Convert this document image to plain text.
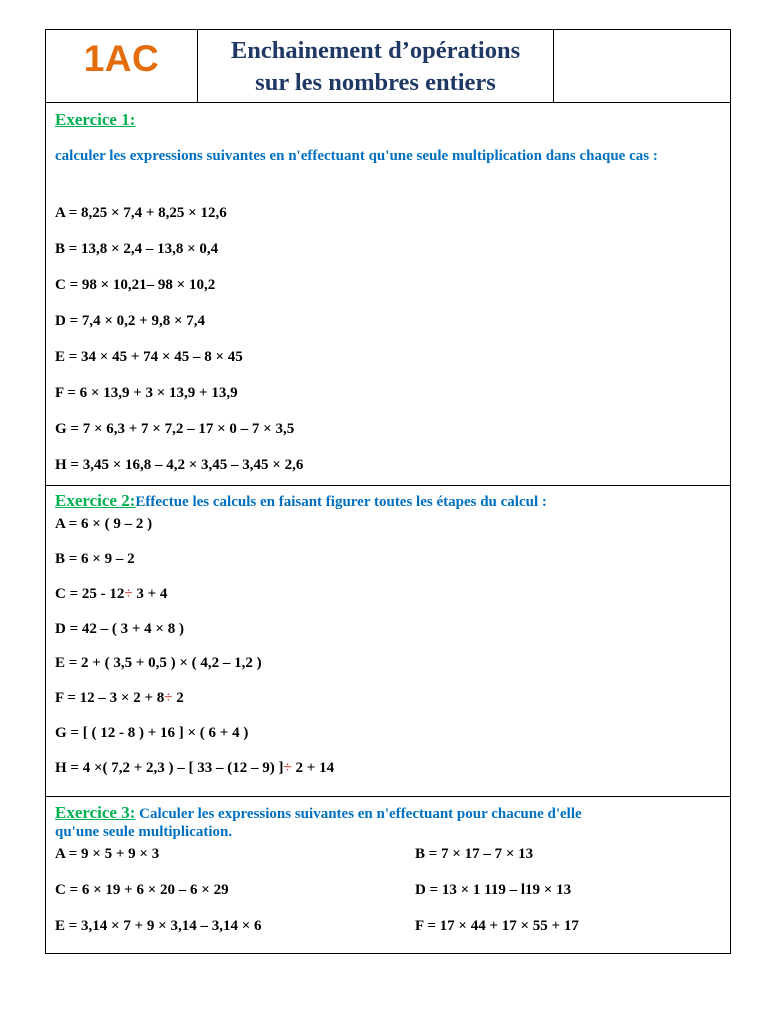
1AC	Enchainement d’opérations
sur les nombres entiers
Exercice 1:
calculer les expressions suivantes en n'effectuant qu'une seule multiplication dans chaque cas :
A = 8,25 × 7,4 + 8,25 × 12,6
B = 13,8 × 2,4 – 13,8 × 0,4
C = 98 × 10,21– 98 × 10,2
D = 7,4 × 0,2 + 9,8 × 7,4
E = 34 × 45 + 74 × 45 – 8 × 45
F = 6 × 13,9 + 3 × 13,9 + 13,9
G = 7 × 6,3 + 7 × 7,2 – 17 × 0 – 7 × 3,5
H = 3,45 × 16,8 – 4,2 × 3,45 – 3,45 × 2,6
Exercice 2:Effectue les calculs en faisant figurer toutes les étapes du calcul :
A = 6 × ( 9 – 2 )
B = 6 × 9 – 2
C = 25 - 12÷ 3 + 4
D = 42 – ( 3 + 4 × 8 )
E = 2 + ( 3,5 + 0,5 ) × ( 4,2 – 1,2 )
F = 12 – 3 × 2 + 8÷ 2
G = [ ( 12 - 8 ) + 16 ] × ( 6 + 4 )
H = 4 ×( 7,2 + 2,3 ) – [ 33 – (12 – 9) ]÷ 2 + 14
Exercice 3: Calculer les expressions suivantes en n'effectuant pour chacune d'elle
qu'une seule multiplication.
A = 9 × 5 + 9 × 3	B = 7 × 17 – 7 × 13
C = 6 × 19 + 6 × 20 – 6 × 29	D = 13 × 1 119 – l19 × 13
E = 3,14 × 7 + 9 × 3,14 – 3,14 × 6	F = 17 × 44 + 17 × 55 + 17
